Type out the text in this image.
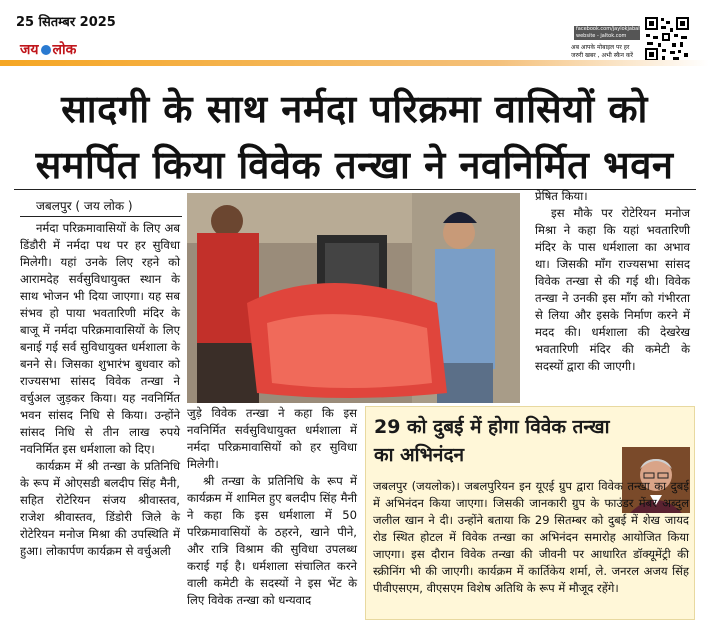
25 सितम्बर 2025
जय लोक
facebook.com/jaylokjabaltk
website - jaltok.com
अब आपके मोबाइल पर हर
जरुरी खबर , अभी स्कैन करें
सादगी के साथ नर्मदा परिक्रमा वासियों को
समर्पित किया विवेक तन्खा ने नवनिर्मित भवन
जबलपुर ( जय लोक )

नर्मदा परिक्रमावासियों के लिए अब डिंडौरी में नर्मदा पथ पर हर सुविधा मिलेगी। यहां उनके लिए रहने को आरामदेह सर्वसुविधायुक्त स्थान के साथ भोजन भी दिया जाएगा। यह सब संभव हो पाया भवतारिणी मंदिर के बाजू में नर्मदा परिक्रमावासियों के लिए बनाई गई सर्व सुविधायुक्त धर्मशाला के बनने से। जिसका शुभारंभ बुधवार को राज्यसभा सांसद विवेक तन्खा ने वर्चुअल जुड़कर किया। यह नवनिर्मित भवन सांसद निधि से किया। उन्होंने सांसद निधि से तीन लाख रुपये नवनिर्मित इस धर्मशाला को दिए।

कार्यक्रम में श्री तन्खा के प्रतिनिधि के रूप में ओएसडी बलदीप सिंह मैनी, सहित रोटेरियन संजय श्रीवास्तव, राजेश श्रीवास्तव, डिंडोरी जिले के रोटेरियन मनोज मिश्रा की उपस्थिति में हुआ। लोकार्पण कार्यक्रम से वर्चुअली

जुड़े विवेक तन्खा ने कहा कि इस नवनिर्मित सर्वसुविधायुक्त धर्मशाला में नर्मदा परिक्रमावासियों को हर सुविधा मिलेगी।

श्री तन्खा के प्रतिनिधि के रूप में कार्यक्रम में शामिल हुए बलदीप सिंह मैनी ने कहा कि इस धर्मशाला में 50 परिक्रमावासियों के ठहरने, खाने पीने, और रात्रि विश्राम की सुविधा उपलब्ध कराई गई है। धर्मशाला संचालित करने वाली कमेटी के सदस्यों ने इस भेंट के लिए विवेक तन्खा को धन्यवाद

प्रेषित किया।

इस मौके पर रोटेरियन मनोज मिश्रा ने कहा कि यहां भवतारिणी मंदिर के पास धर्मशाला का अभाव था। जिसकी माँग राज्यसभा सांसद विवेक तन्खा से की गई थी। विवेक तन्खा ने उनकी इस माँग को गंभीरता से लिया और इसके निर्माण करने में मदद की। धर्मशाला की देखरेख भवतारिणी मंदिर की कमेटी के सदस्यों द्वारा की जाएगी।

29 को दुबई में होगा विवेक तन्खा का अभिनंदन
जबलपुर (जयलोक)। जबलपुरियन इन यूएई ग्रुप द्वारा विवेक तन्खा का दुबई में अभिनंदन किया जाएगा। जिसकी जानकारी ग्रुप के फाउंडर मेंबर अब्दुल जलील खान ने दी। उन्होंने बताया कि 29 सितम्बर को दुबई में शेख जायद रोड स्थित होटल में विवेक तन्खा का अभिनंदन समारोह आयोजित किया जाएगा। इस दौरान विवेक तन्खा की जीवनी पर आधारित डॉक्यूमेंट्री की स्क्रीनिंग भी की जाएगी। कार्यक्रम में कार्तिकेय शर्मा, ले. जनरल अजय सिंह पीवीएसएम, वीएसएम विशेष अतिथि के रूप में मौजूद रहेंगे।
